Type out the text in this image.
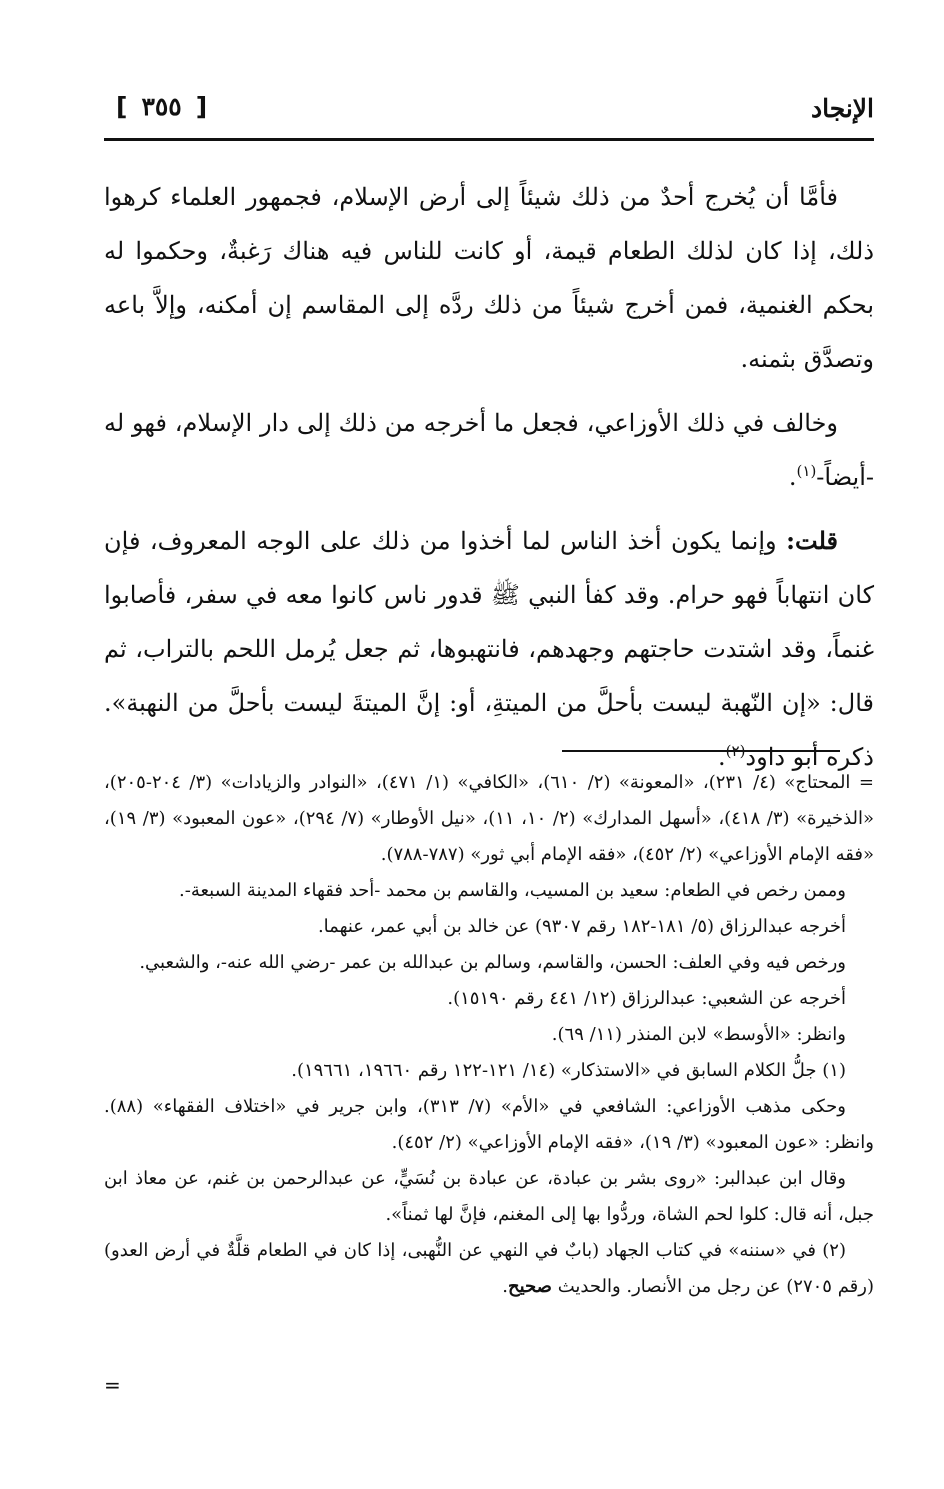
الإنجاد
[ ٣٥٥ ]

فأمَّا أن يُخرج أحدٌ من ذلك شيئاً إلى أرض الإسلام، فجمهور العلماء كرهوا ذلك، إذا كان لذلك الطعام قيمة، أو كانت للناس فيه هناك رَغبةٌ، وحكموا له بحكم الغنمية، فمن أخرج شيئاً من ذلك ردَّه إلى المقاسم إن أمكنه، وإلاَّ باعه وتصدَّق بثمنه.

وخالف في ذلك الأوزاعي، فجعل ما أخرجه من ذلك إلى دار الإسلام، فهو له -أيضاً-$^{(١)}$.

قلت: وإنما يكون أخذ الناس لما أخذوا من ذلك على الوجه المعروف، فإن كان انتهاباً فهو حرام. وقد كفأ النبي ﷺ قدور ناس كانوا معه في سفر، فأصابوا غنماً، وقد اشتدت حاجتهم وجهدهم، فانتهبوها، ثم جعل يُرمل اللحم بالتراب، ثم قال: «إن النّهبة ليست بأحلَّ من الميتةِ، أو: إنَّ الميتةَ ليست بأحلَّ من النهبة». ذكره أبو داود$^{(٢)}$.

= المحتاج» (٤/ ٢٣١)، «المعونة» (٢/ ٦١٠)، «الكافي» (١/ ٤٧١)، «النوادر والزيادات» (٣/ ٢٠٤-٢٠٥)، «الذخيرة» (٣/ ٤١٨)، «أسهل المدارك» (٢/ ١٠، ١١)، «نيل الأوطار» (٧/ ٢٩٤)، «عون المعبود» (٣/ ١٩)، «فقه الإمام الأوزاعي» (٢/ ٤٥٢)، «فقه الإمام أبي ثور» (٧٨٧-٧٨٨).

وممن رخص في الطعام: سعيد بن المسيب، والقاسم بن محمد -أحد فقهاء المدينة السبعة-.

أخرجه عبدالرزاق (٥/ ١٨١-١٨٢ رقم ٩٣٠٧) عن خالد بن أبي عمر، عنهما.

ورخص فيه وفي العلف: الحسن، والقاسم، وسالم بن عبدالله بن عمر -رضي الله عنه-، والشعبي.

أخرجه عن الشعبي: عبدالرزاق (١٢/ ٤٤١ رقم ١٥١٩٠).

وانظر: «الأوسط» لابن المنذر (١١/ ٦٩).

(١) جلُّ الكلام السابق في «الاستذكار» (١٤/ ١٢١-١٢٢ رقم ١٩٦٦٠، ١٩٦٦١).

وحكى مذهب الأوزاعي: الشافعي في «الأم» (٧/ ٣١٣)، وابن جرير في «اختلاف الفقهاء» (٨٨). وانظر: «عون المعبود» (٣/ ١٩)، «فقه الإمام الأوزاعي» (٢/ ٤٥٢).

وقال ابن عبدالبر: «روى بشر بن عبادة، عن عبادة بن نُسَيٍّ، عن عبدالرحمن بن غنم، عن معاذ ابن جبل، أنه قال: كلوا لحم الشاة، وردُّوا بها إلى المغنم، فإنَّ لها ثمناً».

(٢) في «سننه» في كتاب الجهاد (بابٌ في النهي عن النُّهبى، إذا كان في الطعام قلَّةٌ في أرض العدو) (رقم ٢٧٠٥) عن رجل من الأنصار. والحديث صحيح.

=
